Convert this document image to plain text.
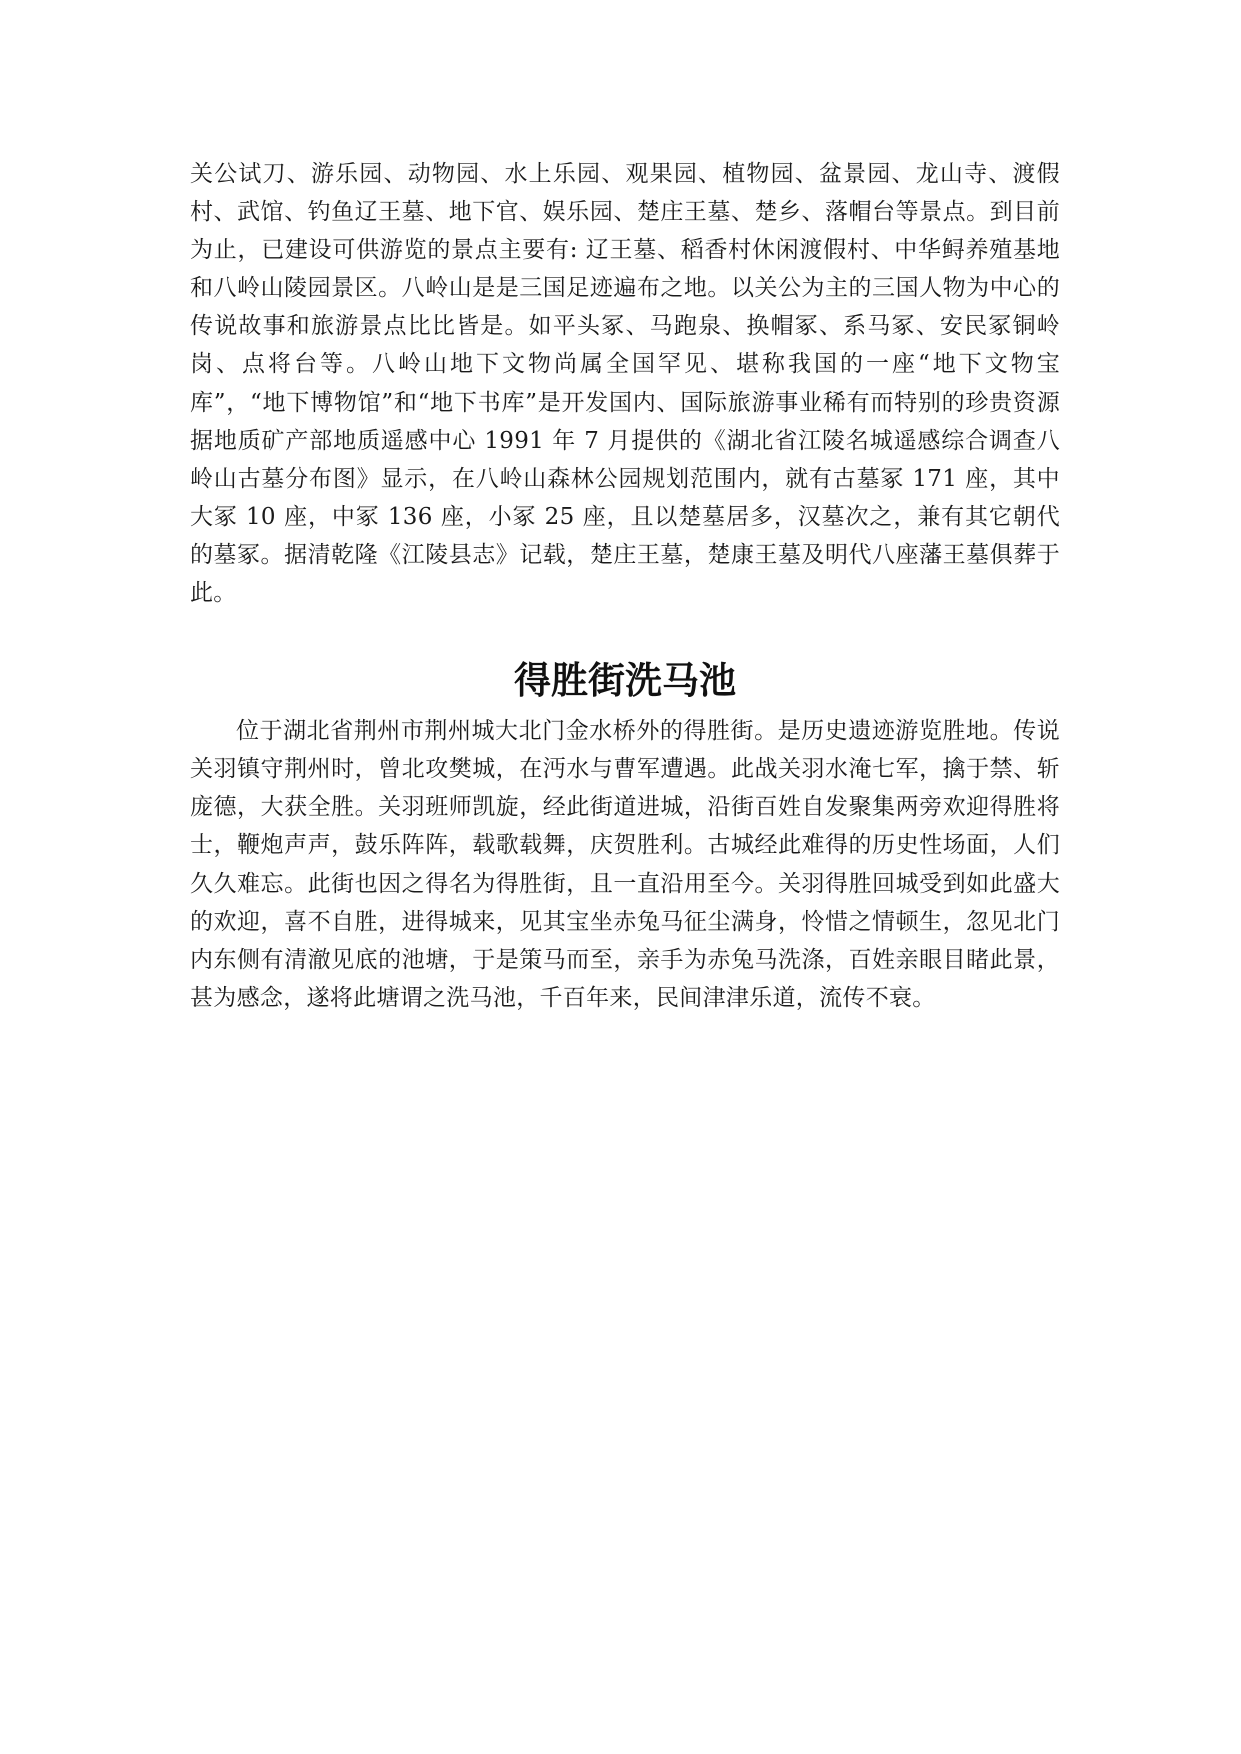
关公试刀、游乐园、动物园、水上乐园、观果园、植物园、盆景园、龙山寺、渡假村、武馆、钓鱼辽王墓、地下官、娱乐园、楚庄王墓、楚乡、落帽台等景点。到目前为止，已建设可供游览的景点主要有: 辽王墓、稻香村休闲渡假村、中华鲟养殖基地和八岭山陵园景区。八岭山是是三国足迹遍布之地。以关公为主的三国人物为中心的传说故事和旅游景点比比皆是。如平头冢、马跑泉、换帽冢、系马冢、安民冢铜岭岗、点将台等。八岭山地下文物尚属全国罕见、堪称我国的一座“地下文物宝库”，“地下博物馆”和“地下书库”是开发国内、国际旅游事业稀有而特别的珍贵资源据地质矿产部地质遥感中心 1991 年 7 月提供的《湖北省江陵名城遥感综合调查八岭山古墓分布图》显示，在八岭山森林公园规划范围内，就有古墓冢 171 座，其中大冢 10 座，中冢 136 座，小冢 25 座，且以楚墓居多，汉墓次之，兼有其它朝代的墓冢。据清乾隆《江陵县志》记载，楚庄王墓，楚康王墓及明代八座藩王墓俱葬于此。

得胜街洗马池

位于湖北省荆州市荆州城大北门金水桥外的得胜街。是历史遗迹游览胜地。传说关羽镇守荆州时，曾北攻樊城，在沔水与曹军遭遇。此战关羽水淹七军，擒于禁、斩庞德，大获全胜。关羽班师凯旋，经此街道进城，沿街百姓自发聚集两旁欢迎得胜将士，鞭炮声声，鼓乐阵阵，载歌载舞，庆贺胜利。古城经此难得的历史性场面，人们久久难忘。此街也因之得名为得胜街，且一直沿用至今。关羽得胜回城受到如此盛大的欢迎，喜不自胜，进得城来，见其宝坐赤兔马征尘满身，怜惜之情顿生，忽见北门内东侧有清澈见底的池塘，于是策马而至，亲手为赤兔马洗涤，百姓亲眼目睹此景，甚为感念，遂将此塘谓之洗马池，千百年来，民间津津乐道，流传不衰。
